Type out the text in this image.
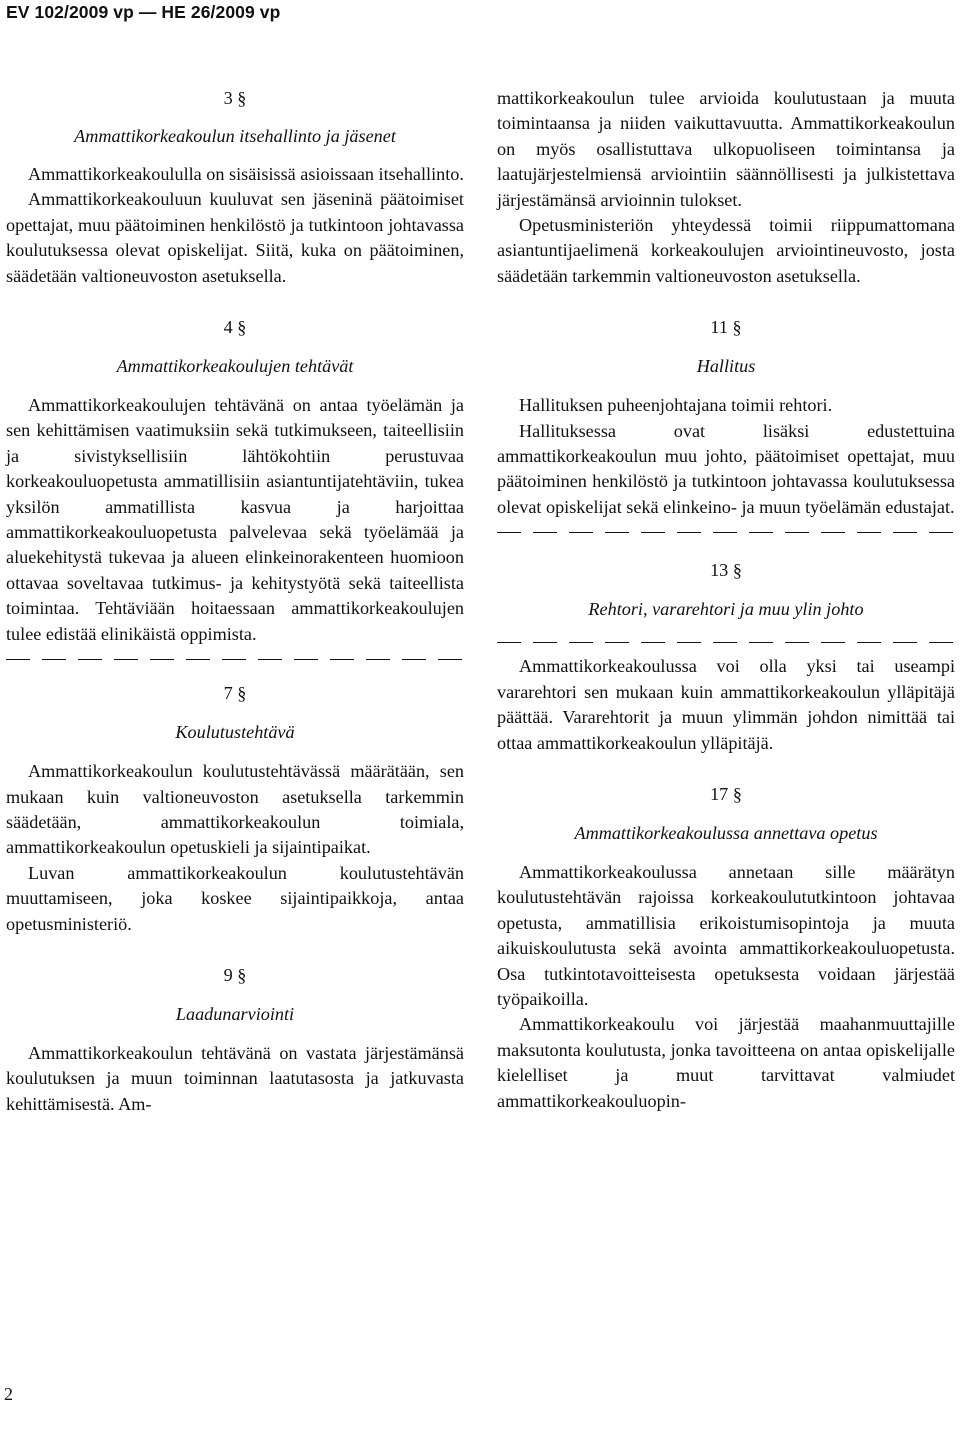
EV 102/2009 vp — HE 26/2009 vp

3 §

Ammattikorkeakoulun itsehallinto ja jäsenet

Ammattikorkeakoululla on sisäisissä asioissaan itsehallinto.

Ammattikorkeakouluun kuuluvat sen jäseninä päätoimiset opettajat, muu päätoiminen henkilöstö ja tutkintoon johtavassa koulutuksessa olevat opiskelijat. Siitä, kuka on päätoiminen, säädetään valtioneuvoston asetuksella.

4 §

Ammattikorkeakoulujen tehtävät

Ammattikorkeakoulujen tehtävänä on antaa työelämän ja sen kehittämisen vaatimuksiin sekä tutkimukseen, taiteellisiin ja sivistyksellisiin lähtökohtiin perustuvaa korkeakouluopetusta ammatillisiin asiantuntijatehtäviin, tukea yksilön ammatillista kasvua ja harjoittaa ammattikorkeakouluopetusta palvelevaa sekä työelämää ja aluekehitystä tukevaa ja alueen elinkeinorakenteen huomioon ottavaa soveltavaa tutkimus- ja kehitystyötä sekä taiteellista toimintaa. Tehtäviään hoitaessaan ammattikorkeakoulujen tulee edistää elinikäistä oppimista.

7 §

Koulutustehtävä

Ammattikorkeakoulun koulutustehtävässä määrätään, sen mukaan kuin valtioneuvoston asetuksella tarkemmin säädetään, ammattikorkeakoulun toimiala, ammattikorkeakoulun opetuskieli ja sijaintipaikat.

Luvan ammattikorkeakoulun koulutustehtävän muuttamiseen, joka koskee sijaintipaikkoja, antaa opetusministeriö.

9 §

Laadunarviointi

Ammattikorkeakoulun tehtävänä on vastata järjestämänsä koulutuksen ja muun toiminnan laatutasosta ja jatkuvasta kehittämisestä. Am-

mattikorkeakoulun tulee arvioida koulutustaan ja muuta toimintaansa ja niiden vaikuttavuutta. Ammattikorkeakoulun on myös osallistuttava ulkopuoliseen toimintansa ja laatujärjestelmiensä arviointiin säännöllisesti ja julkistettava järjestämänsä arvioinnin tulokset.

Opetusministeriön yhteydessä toimii riippumattomana asiantuntijaelimenä korkeakoulujen arviointineuvosto, josta säädetään tarkemmin valtioneuvoston asetuksella.

11 §

Hallitus

Hallituksen puheenjohtajana toimii rehtori.

Hallituksessa ovat lisäksi edustettuina ammattikorkeakoulun muu johto, päätoimiset opettajat, muu päätoiminen henkilöstö ja tutkintoon johtavassa koulutuksessa olevat opiskelijat sekä elinkeino- ja muun työelämän edustajat.

13 §

Rehtori, vararehtori ja muu ylin johto

Ammattikorkeakoulussa voi olla yksi tai useampi vararehtori sen mukaan kuin ammattikorkeakoulun ylläpitäjä päättää. Vararehtorit ja muun ylimmän johdon nimittää tai ottaa ammattikorkeakoulun ylläpitäjä.

17 §

Ammattikorkeakoulussa annettava opetus

Ammattikorkeakoulussa annetaan sille määrätyn koulutustehtävän rajoissa korkeakoulututkintoon johtavaa opetusta, ammatillisia erikoistumisopintoja ja muuta aikuiskoulutusta sekä avointa ammattikorkeakouluopetusta. Osa tutkintotavoitteisesta opetuksesta voidaan järjestää työpaikoilla.

Ammattikorkeakoulu voi järjestää maahanmuuttajille maksutonta koulutusta, jonka tavoitteena on antaa opiskelijalle kielelliset ja muut tarvittavat valmiudet ammattikorkeakouluopin-

2
